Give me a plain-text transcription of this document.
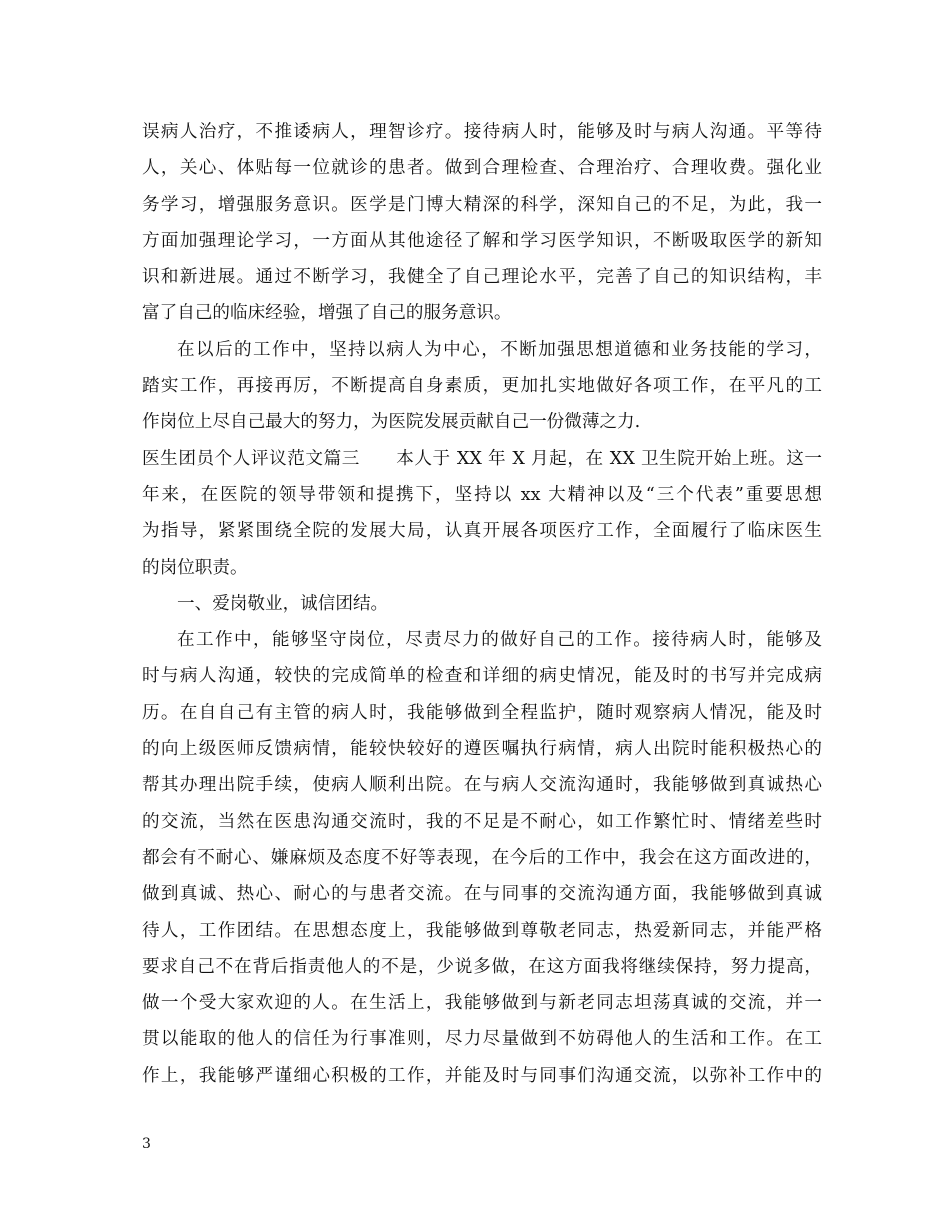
误病人治疗，不推诿病人，理智诊疗。接待病人时，能够及时与病人沟通。平等待
人，关心、体贴每一位就诊的患者。做到合理检查、合理治疗、合理收费。强化业
务学习，增强服务意识。医学是门博大精深的科学，深知自己的不足，为此，我一
方面加强理论学习，一方面从其他途径了解和学习医学知识，不断吸取医学的新知
识和新进展。通过不断学习，我健全了自己理论水平，完善了自己的知识结构，丰
富了自己的临床经验，增强了自己的服务意识。
在以后的工作中，坚持以病人为中心，不断加强思想道德和业务技能的学习，
踏实工作，再接再厉，不断提高自身素质，更加扎实地做好各项工作，在平凡的工
作岗位上尽自己最大的努力，为医院发展贡献自己一份微薄之力.
医生团员个人评议范文篇三　　本人于 XX 年 X 月起，在 XX 卫生院开始上班。这一
年来，在医院的领导带领和提携下，坚持以 xx 大精神以及“三个代表”重要思想
为指导，紧紧围绕全院的发展大局，认真开展各项医疗工作，全面履行了临床医生
的岗位职责。
一、爱岗敬业，诚信团结。
在工作中，能够坚守岗位，尽责尽力的做好自己的工作。接待病人时，能够及
时与病人沟通，较快的完成简单的检查和详细的病史情况，能及时的书写并完成病
历。在自自己有主管的病人时，我能够做到全程监护，随时观察病人情况，能及时
的向上级医师反馈病情，能较快较好的遵医嘱执行病情，病人出院时能积极热心的
帮其办理出院手续，使病人顺利出院。在与病人交流沟通时，我能够做到真诚热心
的交流，当然在医患沟通交流时，我的不足是不耐心，如工作繁忙时、情绪差些时
都会有不耐心、嫌麻烦及态度不好等表现，在今后的工作中，我会在这方面改进的，
做到真诚、热心、耐心的与患者交流。在与同事的交流沟通方面，我能够做到真诚
待人，工作团结。在思想态度上，我能够做到尊敬老同志，热爱新同志，并能严格
要求自己不在背后指责他人的不是，少说多做，在这方面我将继续保持，努力提高，
做一个受大家欢迎的人。在生活上，我能够做到与新老同志坦荡真诚的交流，并一
贯以能取的他人的信任为行事准则，尽力尽量做到不妨碍他人的生活和工作。在工
作上，我能够严谨细心积极的工作，并能及时与同事们沟通交流，以弥补工作中的
3
